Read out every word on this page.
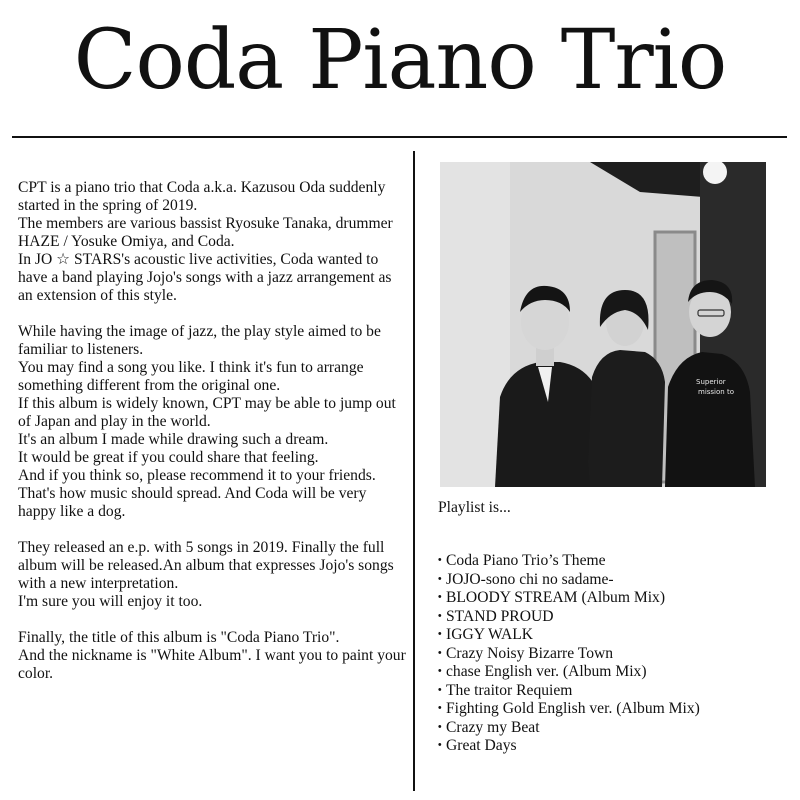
Coda Piano Trio

CPT is a piano trio that Coda a.k.a. Kazusou Oda suddenly started in the spring of 2019.
The members are various bassist Ryosuke Tanaka, drummer HAZE / Yosuke Omiya, and Coda.
In JO ☆ STARS's acoustic live activities, Coda wanted to have a band playing Jojo's songs with a jazz arrangement as an extension of this style.

While having the image of jazz, the play style aimed to be familiar to listeners.
You may find a song you like. I think it's fun to arrange something different from the original one.
If this album is widely known, CPT may be able to jump out of Japan and play in the world.
It's an album I made while drawing such a dream.
It would be great if you could share that feeling.
And if you think so, please recommend it to your friends. That's how music should spread. And Coda will be very happy like a dog.

They released an e.p. with 5 songs in 2019. Finally the full album will be released.An album that expresses Jojo's songs with a new interpretation.
I'm sure you will enjoy it too.

Finally, the title of this album is "Coda Piano Trio".
And the nickname is "White Album". I want you to paint your color.

Superior mission to

Playlist is...

・Coda Piano Trio’s Theme
・JOJO-sono chi no sadame-
・BLOODY STREAM (Album Mix)
・STAND PROUD
・IGGY WALK
・Crazy Noisy Bizarre Town
・chase English ver. (Album Mix)
・The traitor Requiem
・Fighting Gold English ver. (Album Mix)
・Crazy my Beat
・Great Days
